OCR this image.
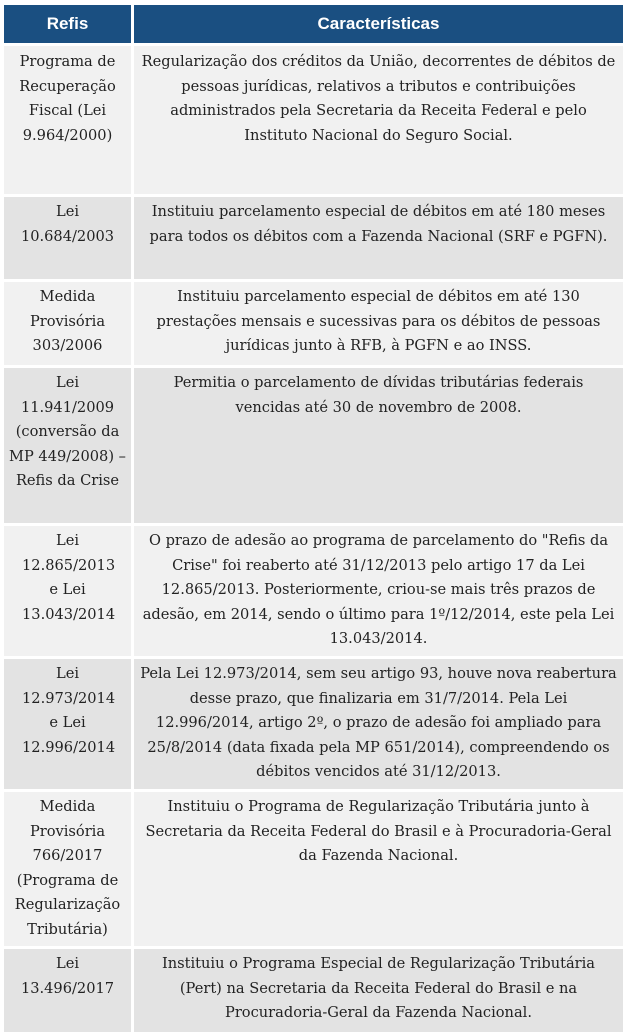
Refis	Características
Programa de Recuperação Fiscal (Lei 9.964/2000)	Regularização dos créditos da União, decorrentes de débitos de pessoas jurídicas, relativos a tributos e contribuições administrados pela Secretaria da Receita Federal e pelo Instituto Nacional do Seguro Social.
Lei 10.684/2003	Instituiu parcelamento especial de débitos em até 180 meses para todos os débitos com a Fazenda Nacional (SRF e PGFN).
Medida Provisória 303/2006	Instituiu parcelamento especial de débitos em até 130 prestações mensais e sucessivas para os débitos de pessoas jurídicas junto à RFB, à PGFN e ao INSS.
Lei 11.941/2009 (conversão da MP 449/2008) – Refis da Crise	Permitia o parcelamento de dívidas tributárias federais vencidas até 30 de novembro de 2008.
Lei 12.865/2013 e Lei 13.043/2014	O prazo de adesão ao programa de parcelamento do "Refis da Crise" foi reaberto até 31/12/2013 pelo artigo 17 da Lei 12.865/2013. Posteriormente, criou-se mais três prazos de adesão, em 2014, sendo o último para 1º/12/2014, este pela Lei 13.043/2014.
Lei 12.973/2014 e Lei 12.996/2014	Pela Lei 12.973/2014, sem seu artigo 93, houve nova reabertura desse prazo, que finalizaria em 31/7/2014. Pela Lei 12.996/2014, artigo 2º, o prazo de adesão foi ampliado para 25/8/2014 (data fixada pela MP 651/2014), compreendendo os débitos vencidos até 31/12/2013.
Medida Provisória 766/2017 (Programa de Regularização Tributária)	Instituiu o Programa de Regularização Tributária junto à Secretaria da Receita Federal do Brasil e à Procuradoria-Geral da Fazenda Nacional.
Lei 13.496/2017	Instituiu o Programa Especial de Regularização Tributária (Pert) na Secretaria da Receita Federal do Brasil e na Procuradoria-Geral da Fazenda Nacional.
